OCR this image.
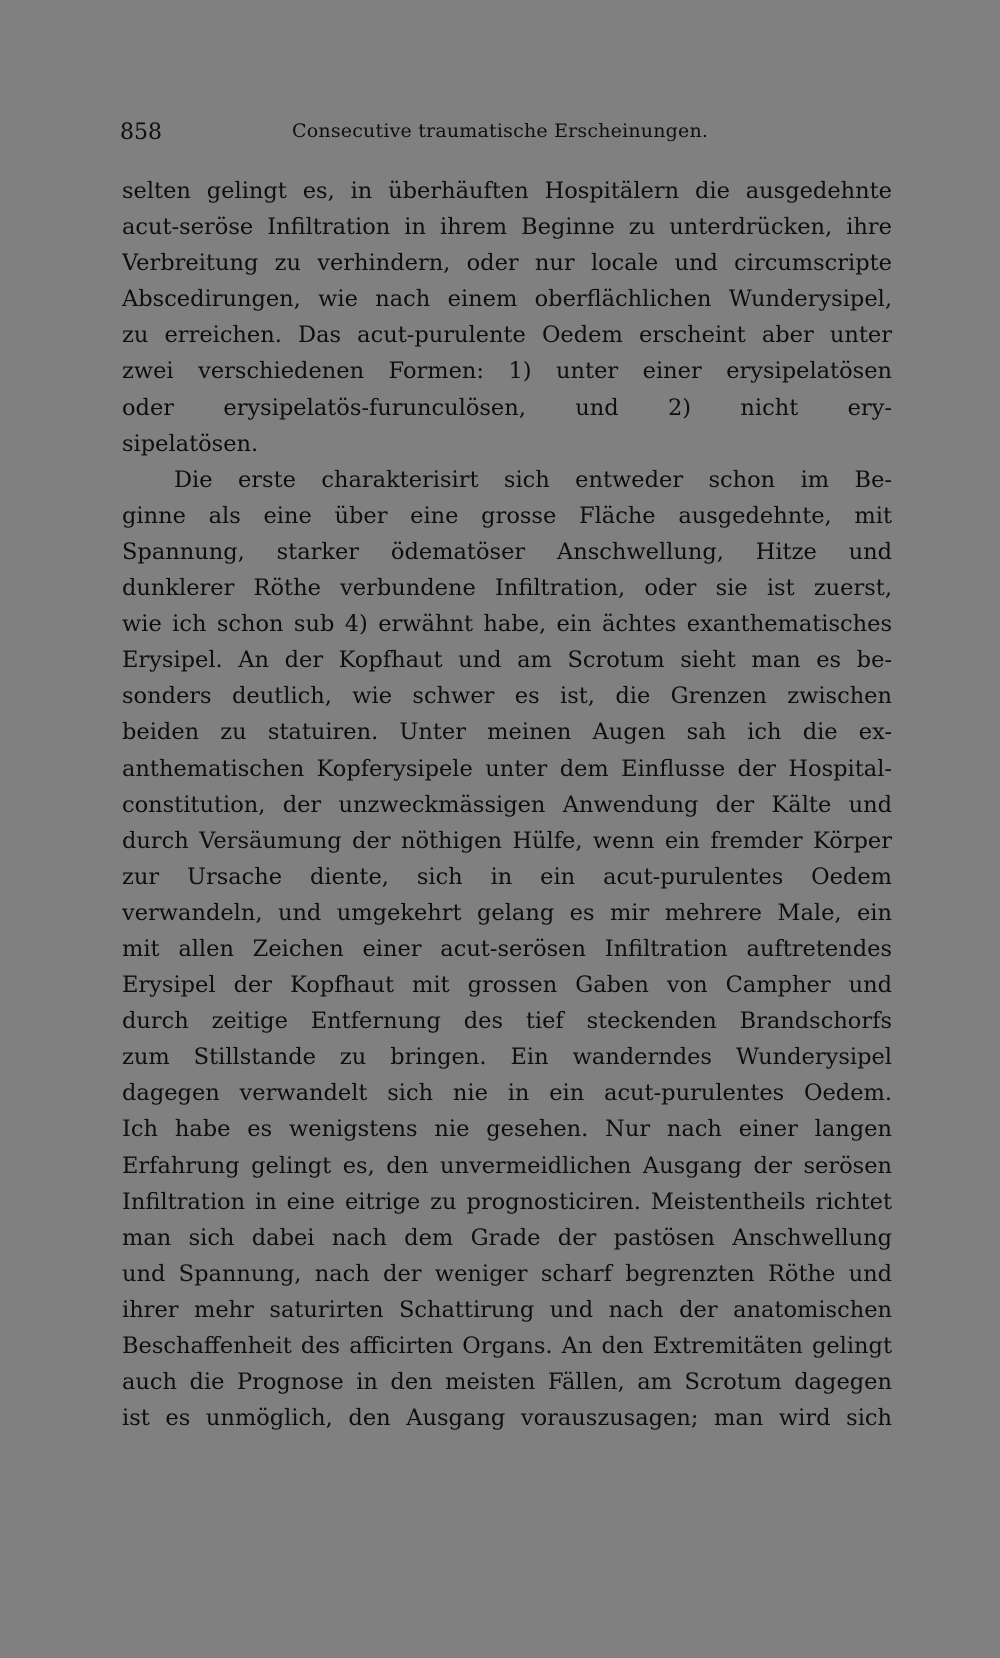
858	Consecutive traumatische Erscheinungen.
selten gelingt es, in überhäuften Hospitälern die ausgedehnte
acut-seröse Infiltration in ihrem Beginne zu unterdrücken, ihre
Verbreitung zu verhindern, oder nur locale und circumscripte
Abscedirungen, wie nach einem oberflächlichen Wunderysipel,
zu erreichen. Das acut-purulente Oedem erscheint aber unter
zwei verschiedenen Formen: 1) unter einer erysipelatösen
oder erysipelatös-furunculösen, und 2) nicht ery-
sipelatösen.
Die erste charakterisirt sich entweder schon im Be-
ginne als eine über eine grosse Fläche ausgedehnte, mit
Spannung, starker ödematöser Anschwellung, Hitze und
dunklerer Röthe verbundene Infiltration, oder sie ist zuerst,
wie ich schon sub 4) erwähnt habe, ein ächtes exanthematisches
Erysipel. An der Kopfhaut und am Scrotum sieht man es be-
sonders deutlich, wie schwer es ist, die Grenzen zwischen
beiden zu statuiren. Unter meinen Augen sah ich die ex-
anthematischen Kopferysipele unter dem Einflusse der Hospital-
constitution, der unzweckmässigen Anwendung der Kälte und
durch Versäumung der nöthigen Hülfe, wenn ein fremder Körper
zur Ursache diente, sich in ein acut-purulentes Oedem
verwandeln, und umgekehrt gelang es mir mehrere Male, ein
mit allen Zeichen einer acut-serösen Infiltration auftretendes
Erysipel der Kopfhaut mit grossen Gaben von Campher und
durch zeitige Entfernung des tief steckenden Brandschorfs
zum Stillstande zu bringen. Ein wanderndes Wunderysipel
dagegen verwandelt sich nie in ein acut-purulentes Oedem.
Ich habe es wenigstens nie gesehen. Nur nach einer langen
Erfahrung gelingt es, den unvermeidlichen Ausgang der serösen
Infiltration in eine eitrige zu prognosticiren. Meistentheils richtet
man sich dabei nach dem Grade der pastösen Anschwellung
und Spannung, nach der weniger scharf begrenzten Röthe und
ihrer mehr saturirten Schattirung und nach der anatomischen
Beschaffenheit des afficirten Organs. An den Extremitäten gelingt
auch die Prognose in den meisten Fällen, am Scrotum dagegen
ist es unmöglich, den Ausgang vorauszusagen; man wird sich
